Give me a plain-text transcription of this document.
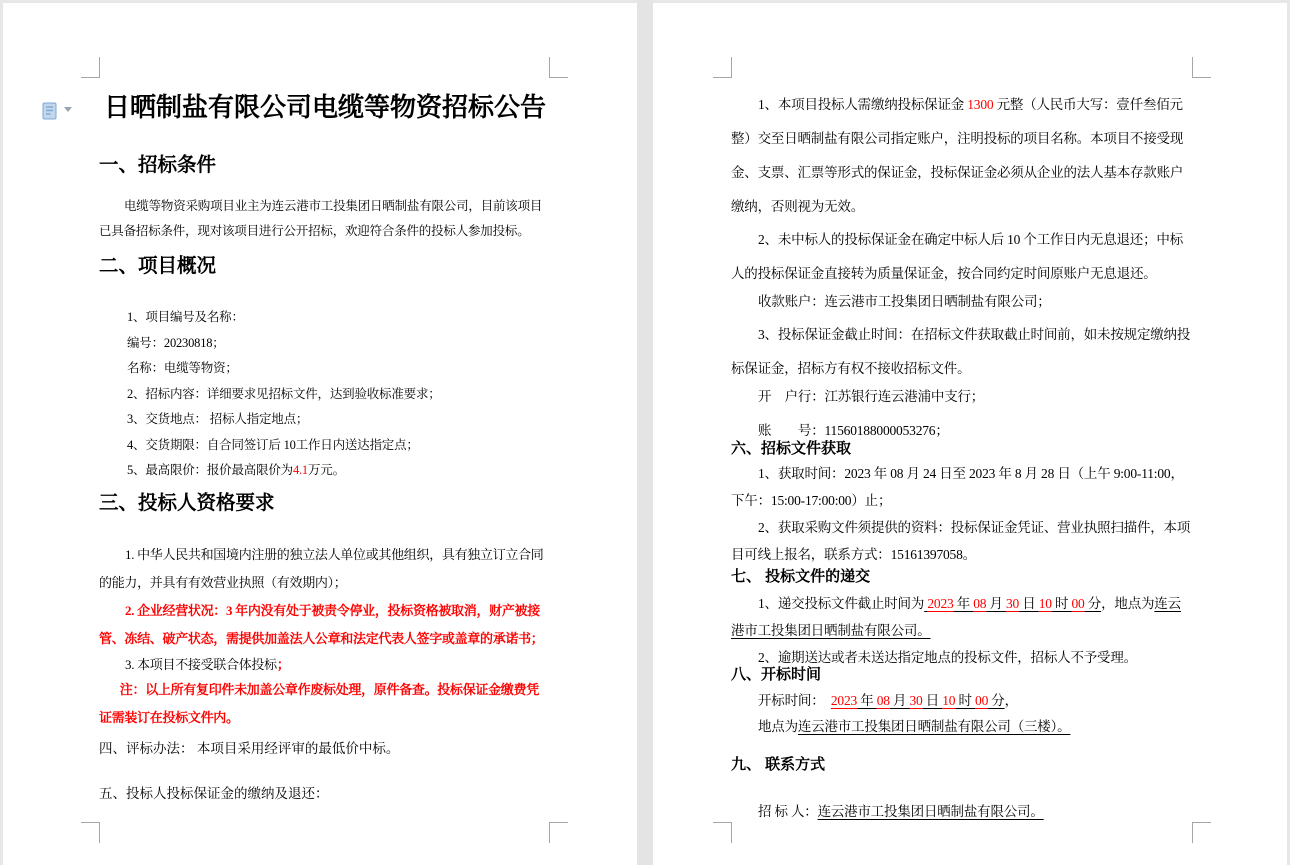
日晒制盐有限公司电缆等物资招标公告
一、招标条件
电缆等物资采购项目业主为连云港市工投集团日晒制盐有限公司，目前该项目已具备招标条件，现对该项目进行公开招标，欢迎符合条件的投标人参加投标。
二、项目概况
1、项目编号及名称：
编号：20230818；
名称：电缆等物资；
2、招标内容：详细要求见招标文件，达到验收标准要求；
3、交货地点： 招标人指定地点；
4、交货期限：自合同签订后 10工作日内送达指定点；
5、最高限价：报价最高限价为4.1万元。
三、投标人资格要求
1. 中华人民共和国境内注册的独立法人单位或其他组织，具有独立订立合同的能力，并具有有效营业执照（有效期内）；
2. 企业经营状况：3 年内没有处于被责令停业，投标资格被取消，财产被接管、冻结、破产状态，需提供加盖法人公章和法定代表人签字或盖章的承诺书；
3. 本项目不接受联合体投标；
注：以上所有复印件未加盖公章作废标处理，原件备查。投标保证金缴费凭证需装订在投标文件内。
四、评标办法： 本项目采用经评审的最低价中标。
五、投标人投标保证金的缴纳及退还：
1、本项目投标人需缴纳投标保证金 1300 元整（人民币大写：壹仟叁佰元整）交至日晒制盐有限公司指定账户，注明投标的项目名称。本项目不接受现金、支票、汇票等形式的保证金，投标保证金必须从企业的法人基本存款账户缴纳，否则视为无效。
2、未中标人的投标保证金在确定中标人后 10 个工作日内无息退还；中标人的投标保证金直接转为质量保证金，按合同约定时间原账户无息退还。
收款账户：连云港市工投集团日晒制盐有限公司；
3、投标保证金截止时间：在招标文件获取截止时间前，如未按规定缴纳投标保证金，招标方有权不接收招标文件。
开　户行：江苏银行连云港浦中支行；
账　　号：11560188000053276；
六、招标文件获取
1、获取时间：2023 年 08 月 24 日至 2023 年 8 月 28 日（上午 9:00-11:00，下午：15:00-17:00:00）止；
2、获取采购文件须提供的资料：投标保证金凭证、营业执照扫描件，本项目可线上报名，联系方式：15161397058。
七、 投标文件的递交
1、递交投标文件截止时间为 2023 年 08 月 30 日 10 时 00 分，地点为连云港市工投集团日晒制盐有限公司。
2、逾期送达或者未送达指定地点的投标文件，招标人不予受理。
八、开标时间
开标时间：  2023 年 08 月 30 日 10 时 00 分，
地点为连云港市工投集团日晒制盐有限公司（三楼）。
九、 联系方式
招 标 人：连云港市工投集团日晒制盐有限公司。
